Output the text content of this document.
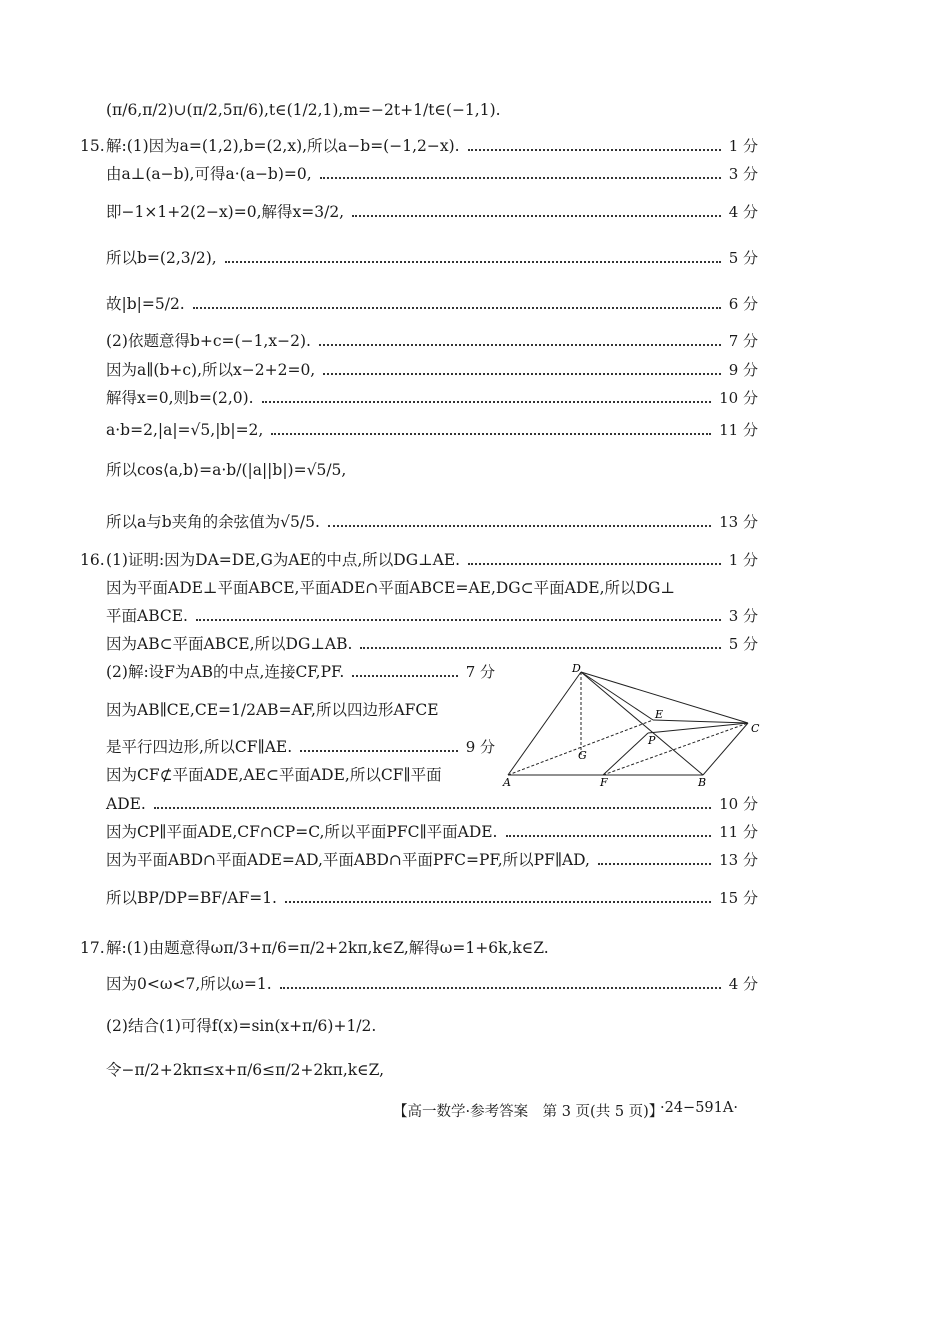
(π/6,π/2)∪(π/2,5π/6),t∈(1/2,1),m=−2t+1/t∈(−1,1).
15. 解:(1)因为a=(1,2),b=(2,x),所以a−b=(−1,2−x).	1 分
由a⊥(a−b),可得a·(a−b)=0,	3 分
即−1×1+2(2−x)=0,解得x=3/2,	4 分
所以b=(2,3/2),	5 分
故|b|=5/2.	6 分
(2)依题意得b+c=(−1,x−2).	7 分
因为a∥(b+c),所以x−2+2=0,	9 分
解得x=0,则b=(2,0).	10 分
a·b=2,|a|=√5,|b|=2,	11 分
所以cos⟨a,b⟩=a·b/(|a||b|)=√5/5,
所以a与b夹角的余弦值为√5/5.	13 分
16. (1)证明:因为DA=DE,G为AE的中点,所以DG⊥AE.	1 分
因为平面ADE⊥平面ABCE,平面ADE∩平面ABCE=AE,DG⊂平面ADE,所以DG⊥
平面ABCE.	3 分
因为AB⊂平面ABCE,所以DG⊥AB.	5 分
(2)解:设F为AB的中点,连接CF,PF.	7 分
因为AB∥CE,CE=1/2AB=AF,所以四边形AFCE
是平行四边形,所以CF∥AE.	9 分
因为CF⊄平面ADE,AE⊂平面ADE,所以CF∥平面
ADE.	10 分
因为CP∥平面ADE,CF∩CP=C,所以平面PFC∥平面ADE.	11 分
因为平面ABD∩平面ADE=AD,平面ABD∩平面PFC=PF,所以PF∥AD,	13 分
所以BP/DP=BF/AF=1.	15 分
D
E
P
C
G
A	F	B
17. 解:(1)由题意得ωπ/3+π/6=π/2+2kπ,k∈Z,解得ω=1+6k,k∈Z.
因为0<ω<7,所以ω=1.	4 分
(2)结合(1)可得f(x)=sin(x+π/6)+1/2.
令−π/2+2kπ≤x+π/6≤π/2+2kπ,k∈Z,
【高一数学·参考答案　第 3 页(共 5 页)】
·24−591A·
